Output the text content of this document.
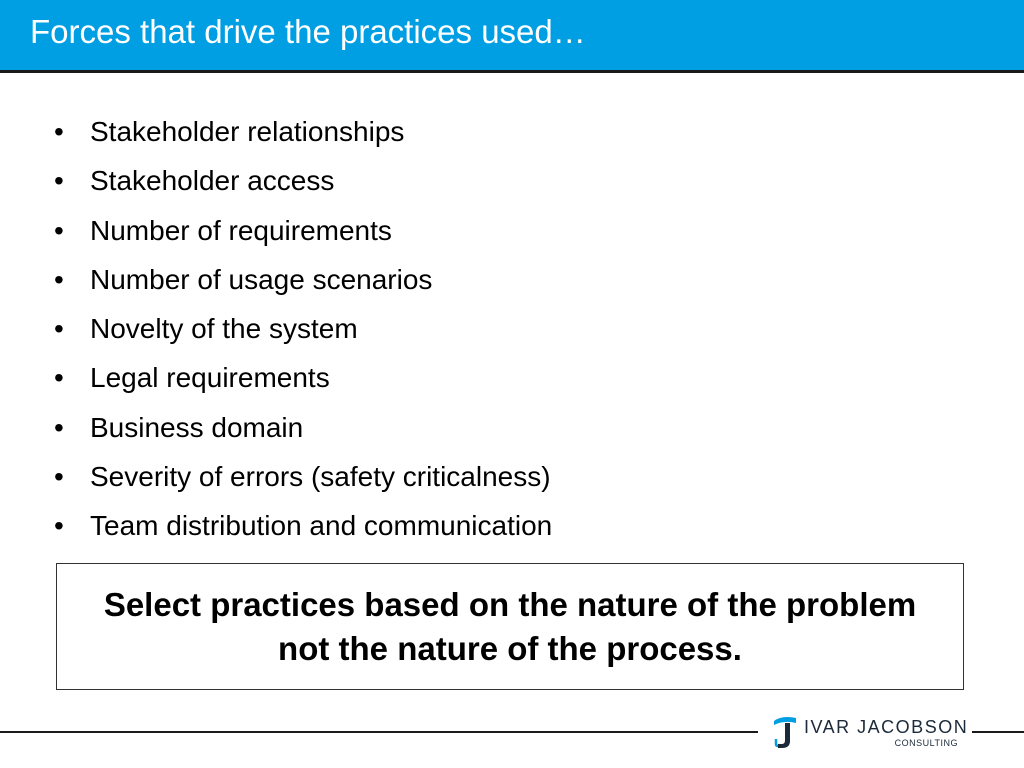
Forces that drive the practices used…
• Stakeholder relationships
• Stakeholder access
• Number of requirements
• Number of usage scenarios
• Novelty of the system
• Legal requirements
• Business domain
• Severity of errors (safety criticalness)
• Team distribution and communication
Select practices based on the nature of the problem not the nature of the process.
IVAR JACOBSON
CONSULTING
